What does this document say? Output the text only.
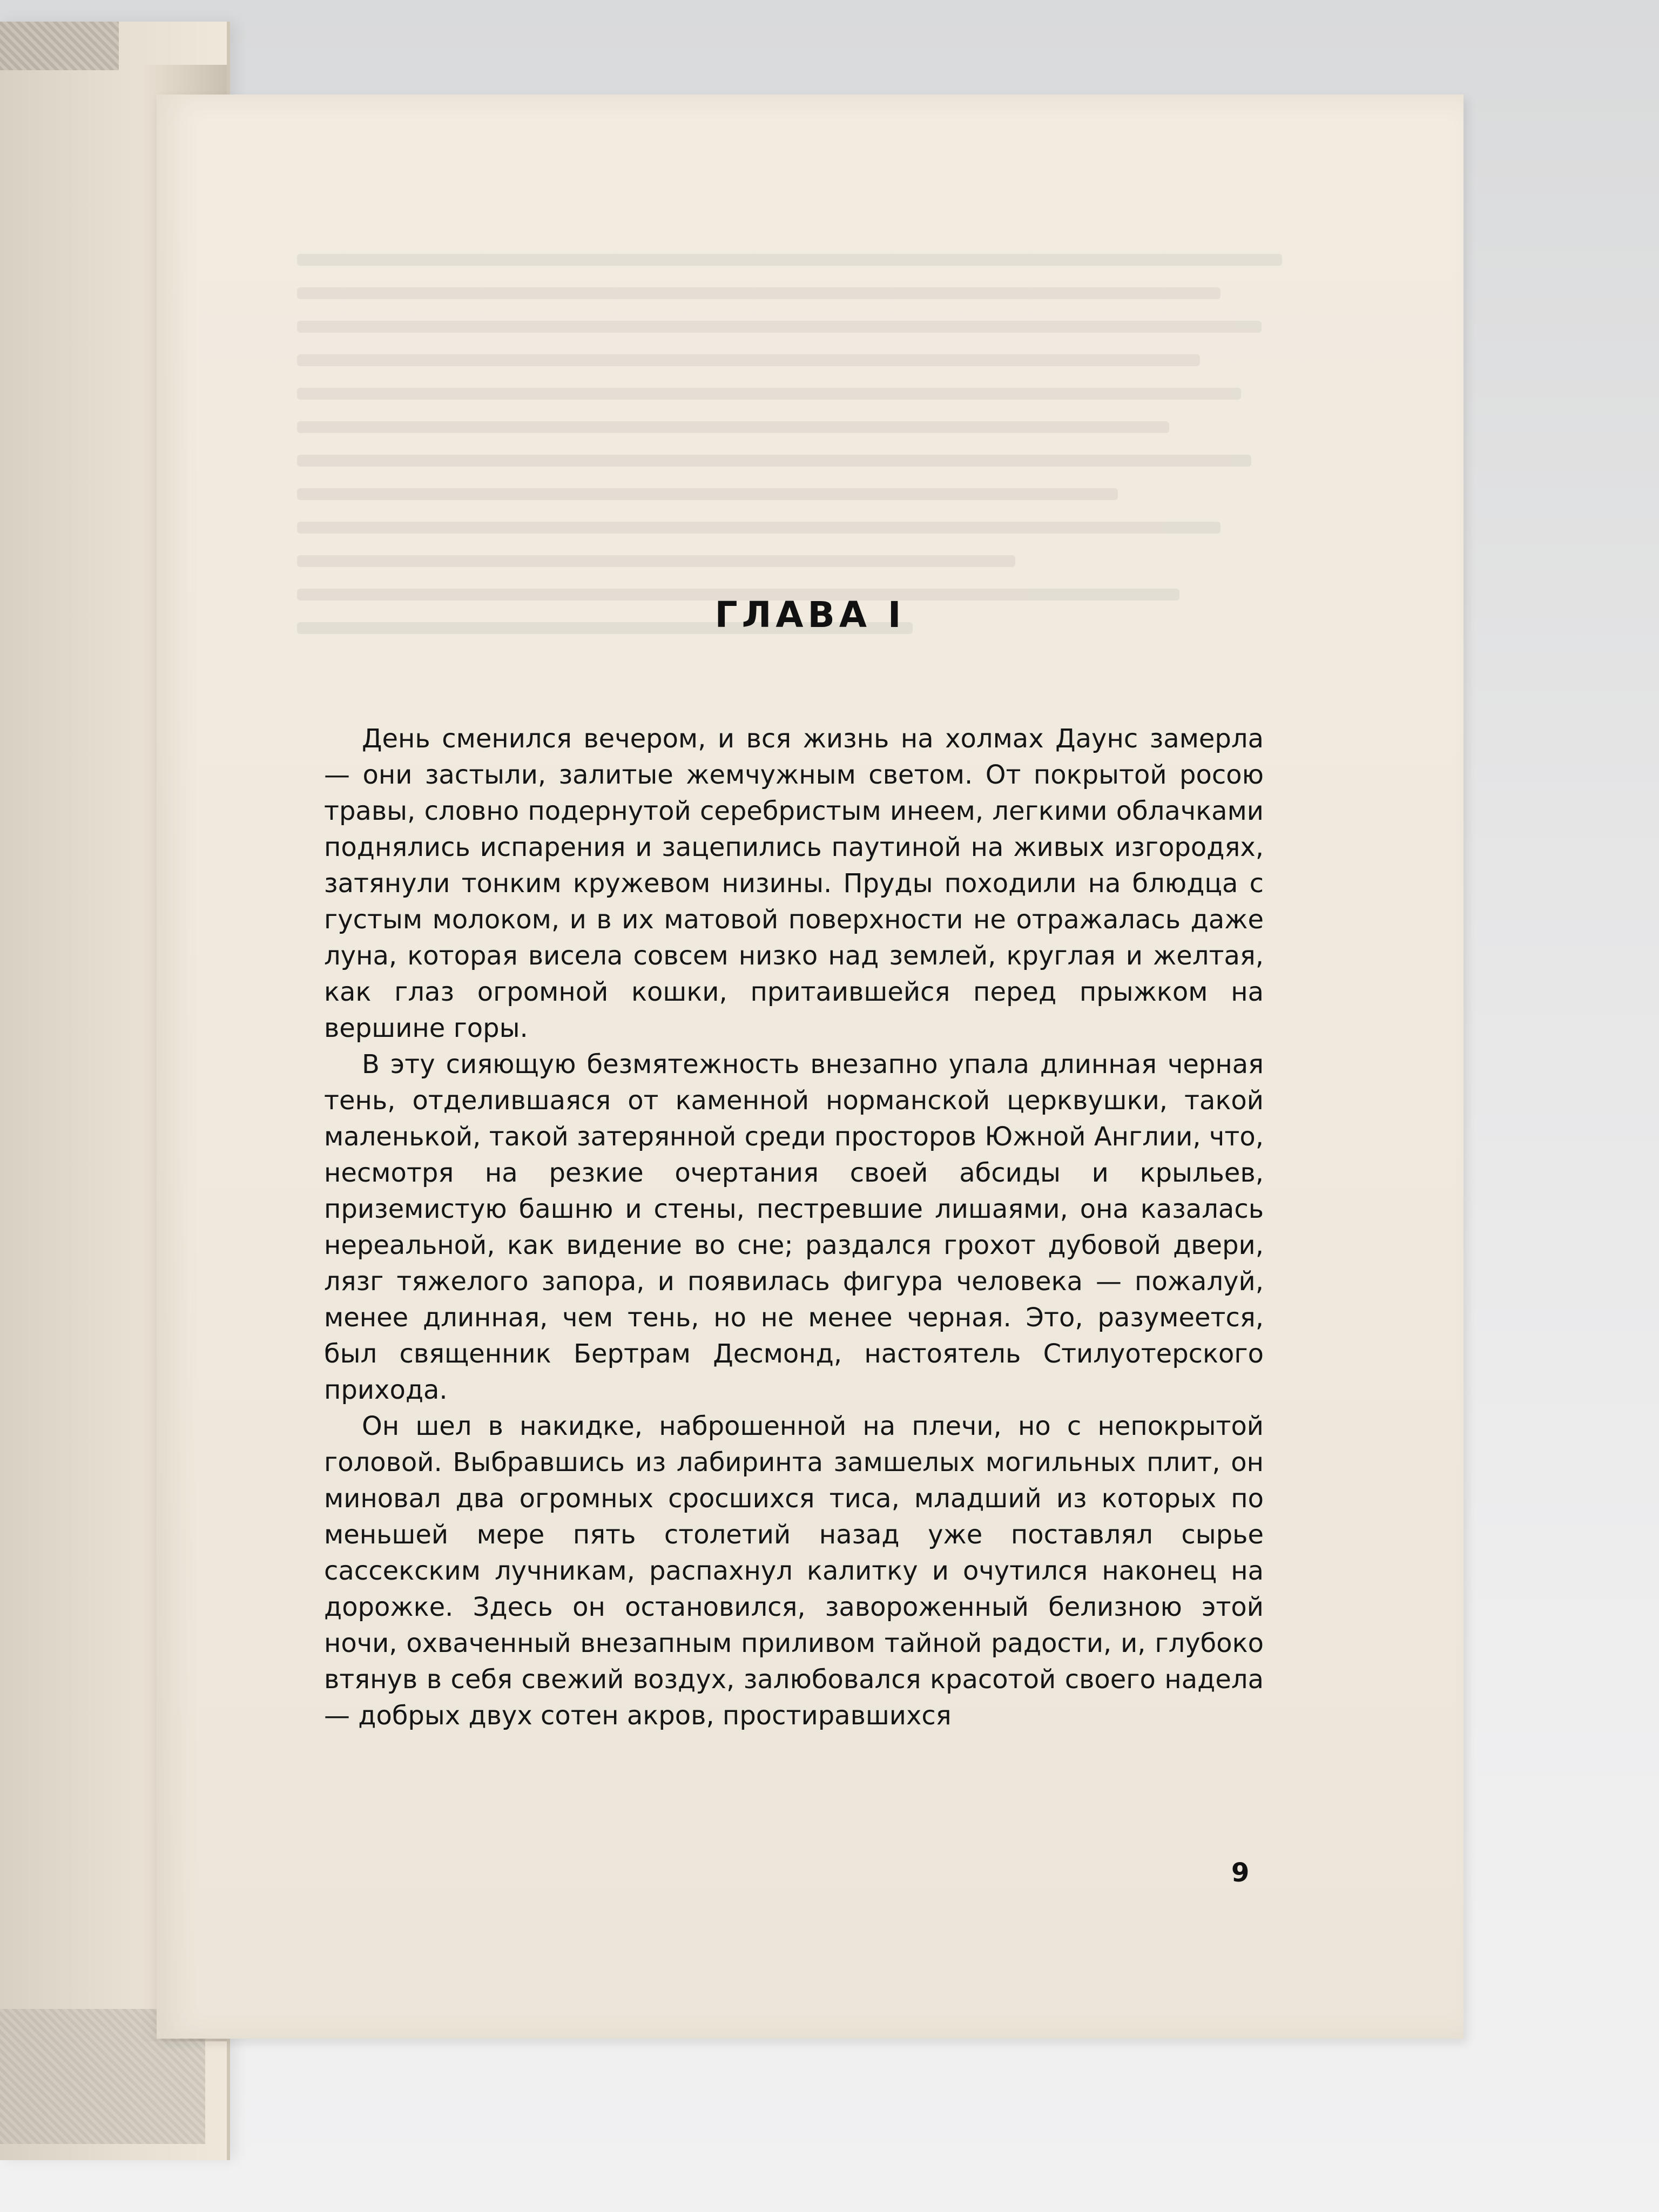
ГЛАВА I

День сменился вечером, и вся жизнь на холмах Даунс замерла — они застыли, залитые жемчужным светом. От покрытой росою травы, словно подернутой серебристым инеем, легкими облачками поднялись испарения и зацепились паутиной на живых изгородях, затянули тонким кружевом низины. Пруды походили на блюдца с густым молоком, и в их матовой поверхности не отражалась даже луна, которая висела совсем низко над землей, круглая и желтая, как глаз огромной кошки, притаившейся перед прыжком на вершине горы.

В эту сияющую безмятежность внезапно упала длинная черная тень, отделившаяся от каменной норманской церквушки, такой маленькой, такой затерянной среди просторов Южной Англии, что, несмотря на резкие очертания своей абсиды и крыльев, приземистую башню и стены, пестревшие лишаями, она казалась нереальной, как видение во сне; раздался грохот дубовой двери, лязг тяжелого запора, и появилась фигура человека — пожалуй, менее длинная, чем тень, но не менее черная. Это, разумеется, был священник Бертрам Десмонд, настоятель Стилуотерского прихода.

Он шел в накидке, наброшенной на плечи, но с непокрытой головой. Выбравшись из лабиринта замшелых могильных плит, он миновал два огромных сросшихся тиса, младший из которых по меньшей мере пять столетий назад уже поставлял сырье сассекским лучникам, распахнул калитку и очутился наконец на дорожке. Здесь он остановился, завороженный белизною этой ночи, охваченный внезапным приливом тайной радости, и, глубоко втянув в себя свежий воздух, залюбовался красотой своего надела — добрых двух сотен акров, простиравшихся

9
